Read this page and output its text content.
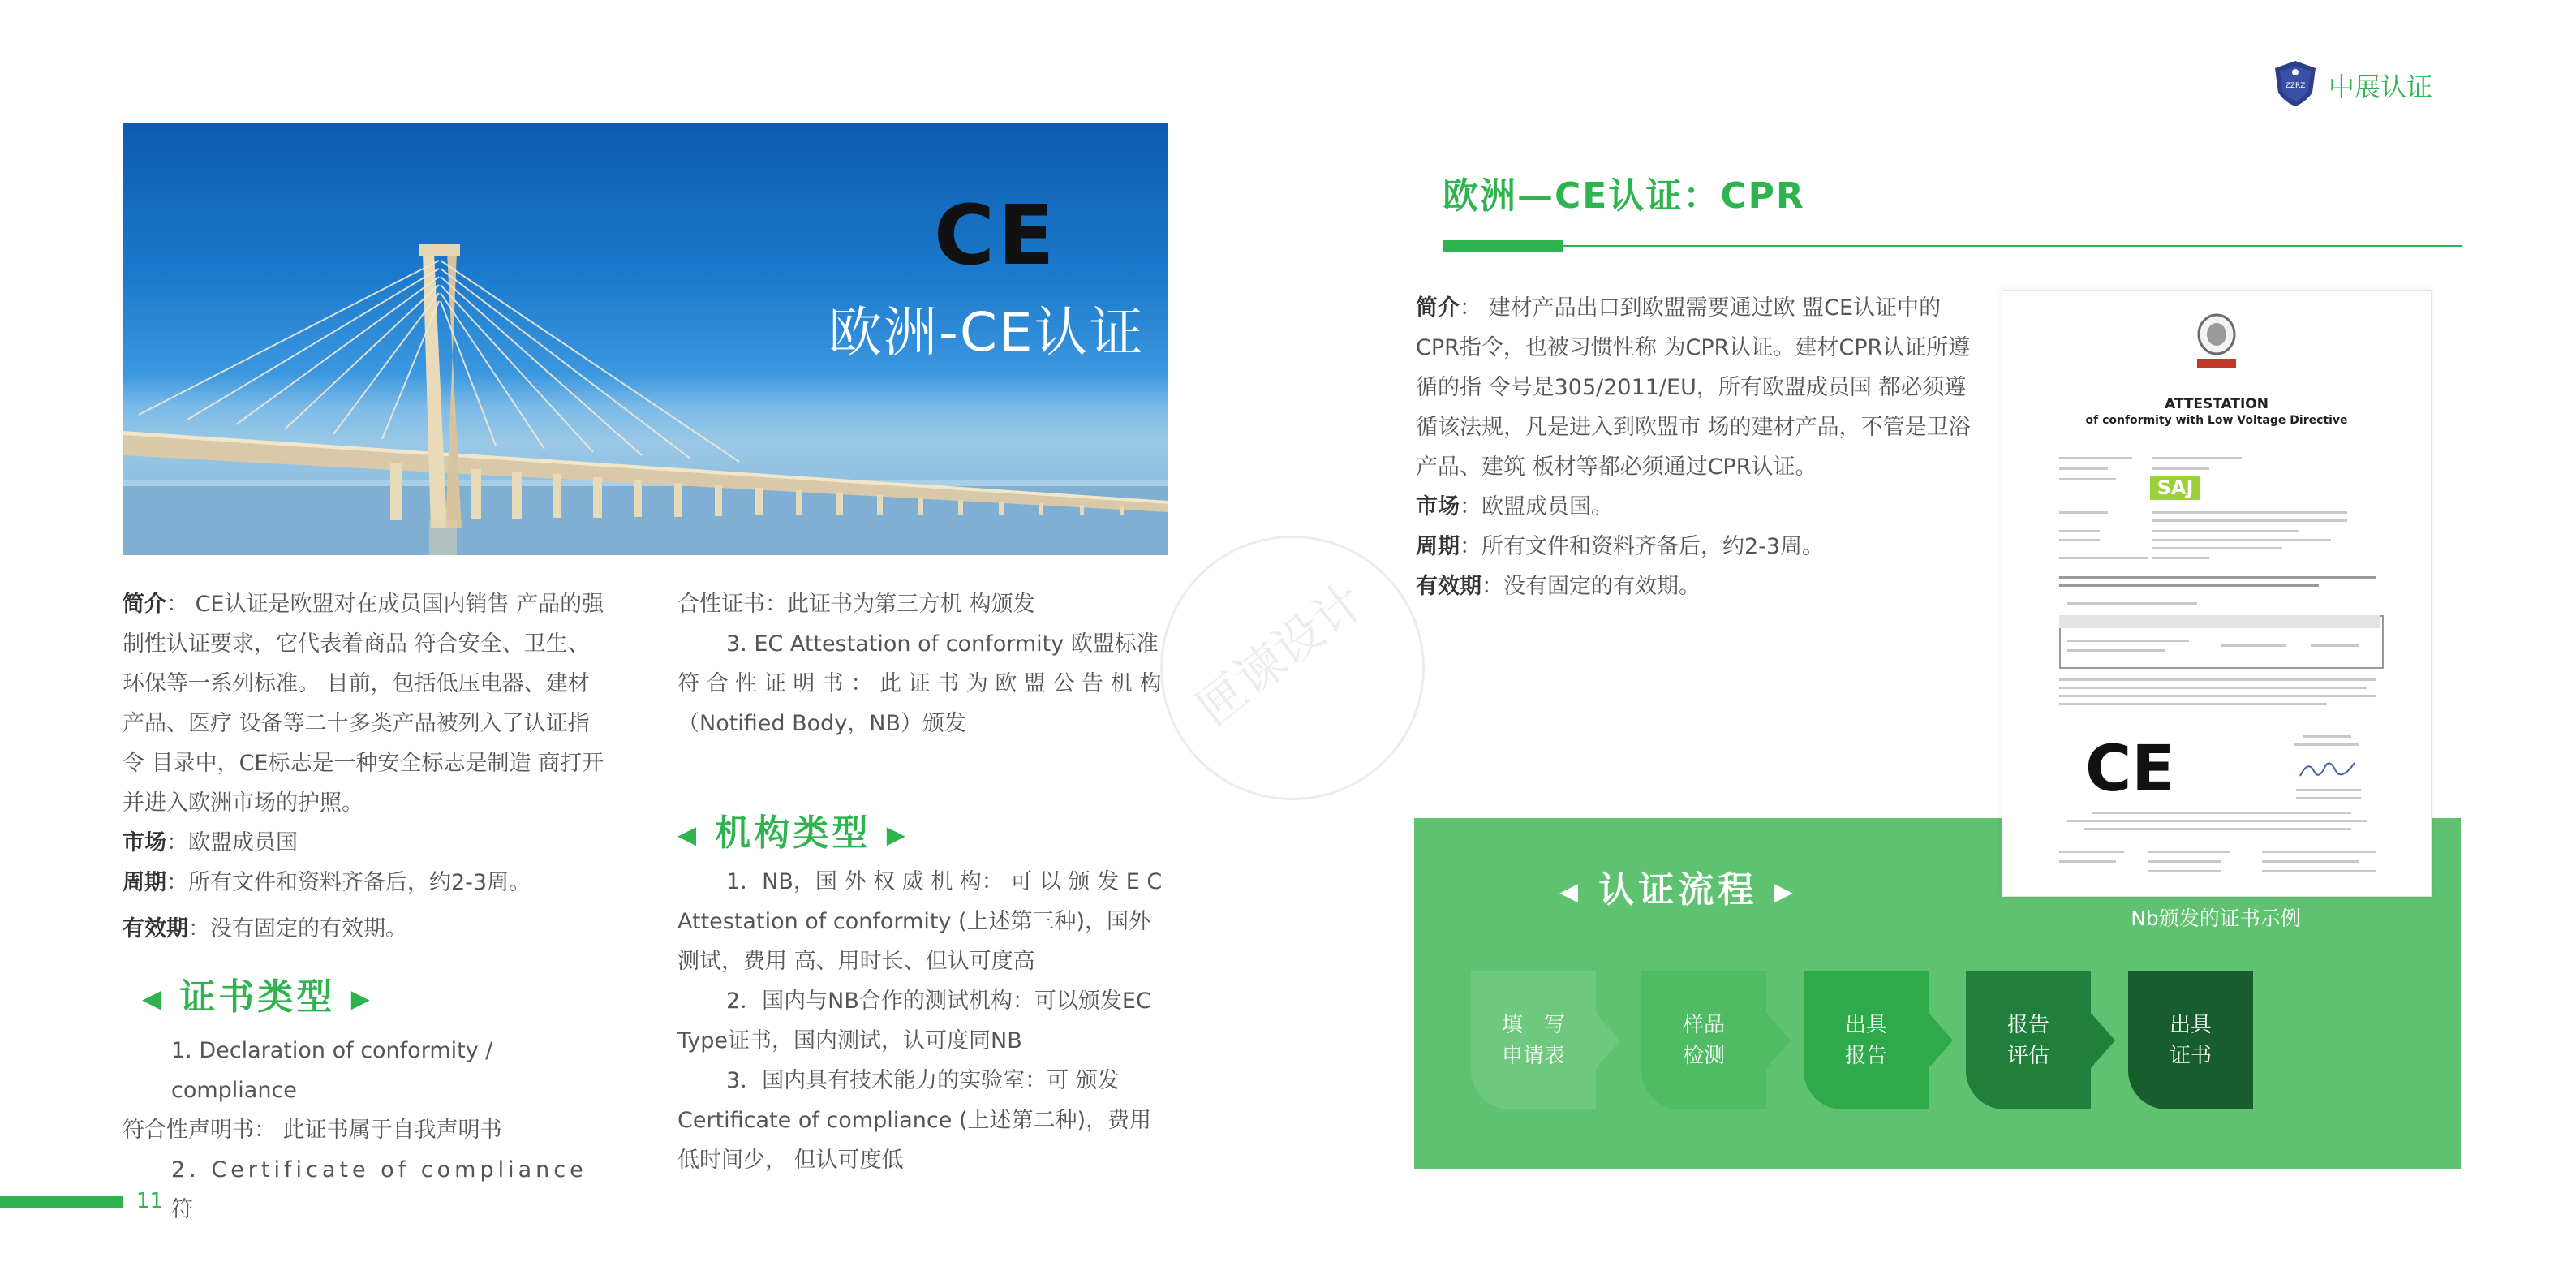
ZZRZ 中展认证
CE
欧洲-CE认证
匣谏设计

简介： CE认证是欧盟对在成员国内销售 产品的强

制性认证要求，它代表着商品 符合安全、卫生、

环保等一系列标准。 目前，包括低压电器、建材

产品、医疗 设备等二十多类产品被列入了认证指

令 目录中，CE标志是一种安全标志是制造 商打开

并进入欧洲市场的护照。

市场：欧盟成员国

周期：所有文件和资料齐备后，约2-3周。

有效期：没有固定的有效期。

◀ 证书类型 ▶

1. Declaration of conformity / compliance

符合性声明书： 此证书属于自我声明书

2. Certificate of compliance 符

合性证书：此证书为第三方机 构颁发

3. EC Attestation of conformity 欧盟标准

符 合 性 证 明 书 ： 此 证 书 为 欧 盟 公 告 机 构

（Notified Body，NB）颁发

◀ 机构类型 ▶

1．NB，国 外 权 威 机 构： 可 以 颁 发 E C

Attestation of conformity (上述第三种)，国外

测试，费用 高、用时长、但认可度高

2．国内与NB合作的测试机构：可以颁发EC

Type证书，国内测试，认可度同NB

3．国内具有技术能力的实验室：可 颁发

Certificate of compliance (上述第二种)，费用

低时间少， 但认可度低

11
欧洲—CE认证：CPR

简介： 建材产品出口到欧盟需要通过欧 盟CE认证中的

CPR指令，也被习惯性称 为CPR认证。建材CPR认证所遵

循的指 令号是305/2011/EU，所有欧盟成员国 都必须遵

循该法规，凡是进入到欧盟市 场的建材产品，不管是卫浴

产品、建筑 板材等都必须通过CPR认证。

市场：欧盟成员国。

周期：所有文件和资料齐备后，约2-3周。

有效期：没有固定的有效期。

◀ 认证流程 ▶
填　写
申请表
样品
检测
出具
报告
报告
评估
出具
证书
ATTESTATION
of conformity with Low Voltage Directive
SAJ
CE
Nb颁发的证书示例
